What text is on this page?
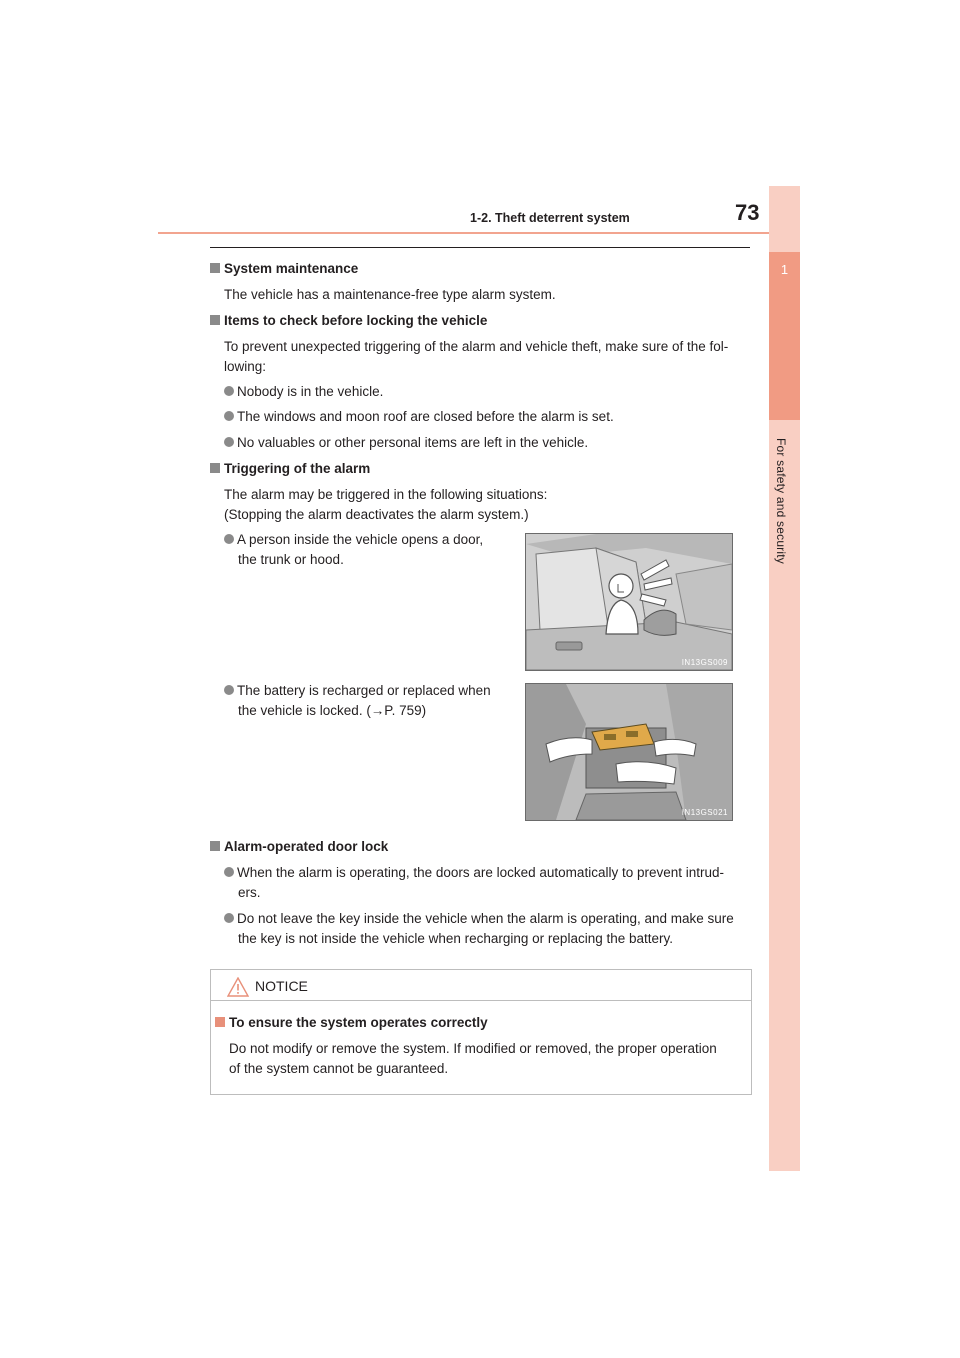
1
For safety and security
1-2. Theft deterrent system	73
System maintenance
The vehicle has a maintenance-free type alarm system.
Items to check before locking the vehicle
To prevent unexpected triggering of the alarm and vehicle theft, make sure of the fol-
lowing:
Nobody is in the vehicle.
The windows and moon roof are closed before the alarm is set.
No valuables or other personal items are left in the vehicle.
Triggering of the alarm
The alarm may be triggered in the following situations:
(Stopping the alarm deactivates the alarm system.)
A person inside the vehicle opens a door,
the trunk or hood.
IN13GS009
The battery is recharged or replaced when
the vehicle is locked. (→P. 759)
IN13GS021
Alarm-operated door lock
When the alarm is operating, the doors are locked automatically to prevent intrud-
ers.
Do not leave the key inside the vehicle when the alarm is operating, and make sure
the key is not inside the vehicle when recharging or replacing the battery.
NOTICE
To ensure the system operates correctly
Do not modify or remove the system. If modified or removed, the proper operation
of the system cannot be guaranteed.
